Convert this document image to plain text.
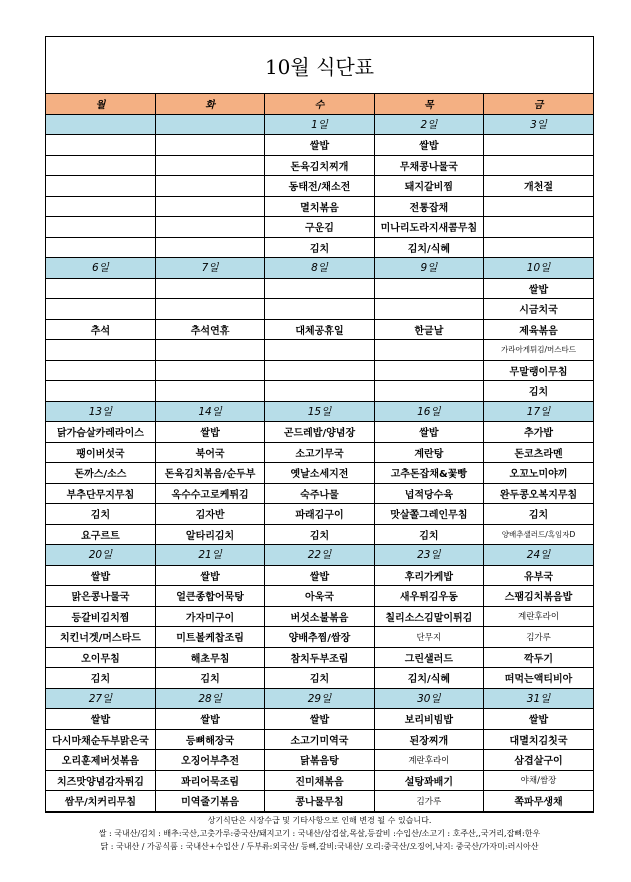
10월 식단표
월	화	수	목	금
		1일	2일	3일
		쌀밥	쌀밥	
		돈육김치찌개	무채콩나물국	
		동태전/채소전	돼지갈비찜	개천절
		멸치볶음	전통잡채	
		구운김	미나리도라지새콤무침	
		김치	김치/식혜	
6일	7일	8일	9일	10일
				쌀밥
				시금치국
추석	추석연휴	대체공휴일	한글날	제육볶음
				가라아게튀김/머스타드
				무말랭이무침
				김치
13일	14일	15일	16일	17일
닭가슴살카레라이스	쌀밥	곤드레밥/양념장	쌀밥	추가밥
팽이버섯국	북어국	소고기무국	계란탕	돈코츠라멘
돈까스/소스	돈육김치볶음/순두부	옛날소세지전	고추돈잡채&꽃빵	오꼬노미야끼
부추단무지무침	옥수수고로케튀김	숙주나물	넙적당수육	완두콩오복지무침
김치	김자반	파래김구이	맛살쫄그레인무침	김치
요구르트	알타리김치	김치	김치	양배추샐러드/흑임자D
20일	21일	22일	23일	24일
쌀밥	쌀밥	쌀밥	후리가케밥	유부국
맑은콩나물국	얼큰종합어묵탕	아욱국	새우튀김우동	스팸김치볶음밥
등갈비김치찜	가자미구이	버섯소불볶음	칠리소스김말이튀김	계란후라이
치킨너겟/머스타드	미트볼케찹조림	양배추찜/쌈장	단무지	김가루
오이무침	해초무침	참치두부조림	그린샐러드	깍두기
김치	김치	김치	김치/식혜	떠먹는액티비아
27일	28일	29일	30일	31일
쌀밥	쌀밥	쌀밥	보리비빔밥	쌀밥
다시마채순두부맑은국	등뼈해장국	소고기미역국	된장찌개	대멸치김칫국
오리훈제버섯볶음	오징어부추전	닭볶음탕	계란후라이	삼겹살구이
치즈맛양념감자튀김	꽈리어묵조림	진미채볶음	설탕꽈배기	야채/쌈장
쌈무/치커리무침	미역줄기볶음	콩나물무침	김가루	쪽파무생채

상기식단은 시장수급 및 기타사항으로 인해 변경 될 수 있습니다.
쌀 : 국내산/김치 : 배추:국산,고춧가루:중국산/돼지고기 : 국내산/삼겹살,목살,등갈비 :수입산/소고기 : 호주산,,국거리,잡뼈:한우
닭 : 국내산 / 가공식품 : 국내산+수입산 / 두부류:외국산/ 등뼈,갈비:국내산/ 오리:중국산/오징어,낙지: 중국산/가자미:러시아산
